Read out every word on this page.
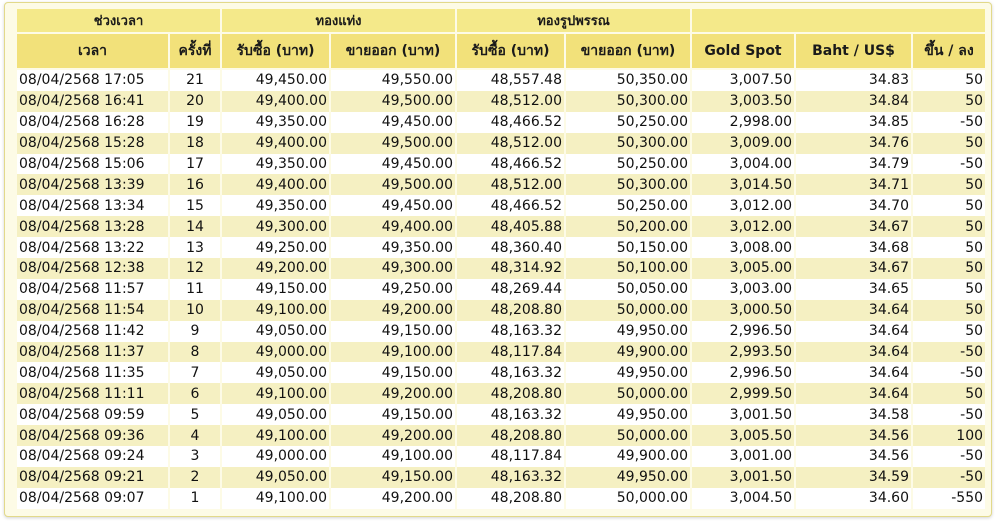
ช่วงเวลา		ทองแท่ง		ทองรูปพรรณ				
เวลา	ครั้งที่	รับซื้อ (บาท)	ขายออก (บาท)	รับซื้อ (บาท)	ขายออก (บาท)	Gold Spot	Baht / US$	ขึ้น / ลง
08/04/2568 17:05	21	49,450.00	49,550.00	48,557.48	50,350.00	3,007.50	34.83	50
08/04/2568 16:41	20	49,400.00	49,500.00	48,512.00	50,300.00	3,003.50	34.84	50
08/04/2568 16:28	19	49,350.00	49,450.00	48,466.52	50,250.00	2,998.00	34.85	-50
08/04/2568 15:28	18	49,400.00	49,500.00	48,512.00	50,300.00	3,009.00	34.76	50
08/04/2568 15:06	17	49,350.00	49,450.00	48,466.52	50,250.00	3,004.00	34.79	-50
08/04/2568 13:39	16	49,400.00	49,500.00	48,512.00	50,300.00	3,014.50	34.71	50
08/04/2568 13:34	15	49,350.00	49,450.00	48,466.52	50,250.00	3,012.00	34.70	50
08/04/2568 13:28	14	49,300.00	49,400.00	48,405.88	50,200.00	3,012.00	34.67	50
08/04/2568 13:22	13	49,250.00	49,350.00	48,360.40	50,150.00	3,008.00	34.68	50
08/04/2568 12:38	12	49,200.00	49,300.00	48,314.92	50,100.00	3,005.00	34.67	50
08/04/2568 11:57	11	49,150.00	49,250.00	48,269.44	50,050.00	3,003.00	34.65	50
08/04/2568 11:54	10	49,100.00	49,200.00	48,208.80	50,000.00	3,000.50	34.64	50
08/04/2568 11:42	9	49,050.00	49,150.00	48,163.32	49,950.00	2,996.50	34.64	50
08/04/2568 11:37	8	49,000.00	49,100.00	48,117.84	49,900.00	2,993.50	34.64	-50
08/04/2568 11:35	7	49,050.00	49,150.00	48,163.32	49,950.00	2,996.50	34.64	-50
08/04/2568 11:11	6	49,100.00	49,200.00	48,208.80	50,000.00	2,999.50	34.64	50
08/04/2568 09:59	5	49,050.00	49,150.00	48,163.32	49,950.00	3,001.50	34.58	-50
08/04/2568 09:36	4	49,100.00	49,200.00	48,208.80	50,000.00	3,005.50	34.56	100
08/04/2568 09:24	3	49,000.00	49,100.00	48,117.84	49,900.00	3,001.00	34.56	-50
08/04/2568 09:21	2	49,050.00	49,150.00	48,163.32	49,950.00	3,001.50	34.59	-50
08/04/2568 09:07	1	49,100.00	49,200.00	48,208.80	50,000.00	3,004.50	34.60	-550
